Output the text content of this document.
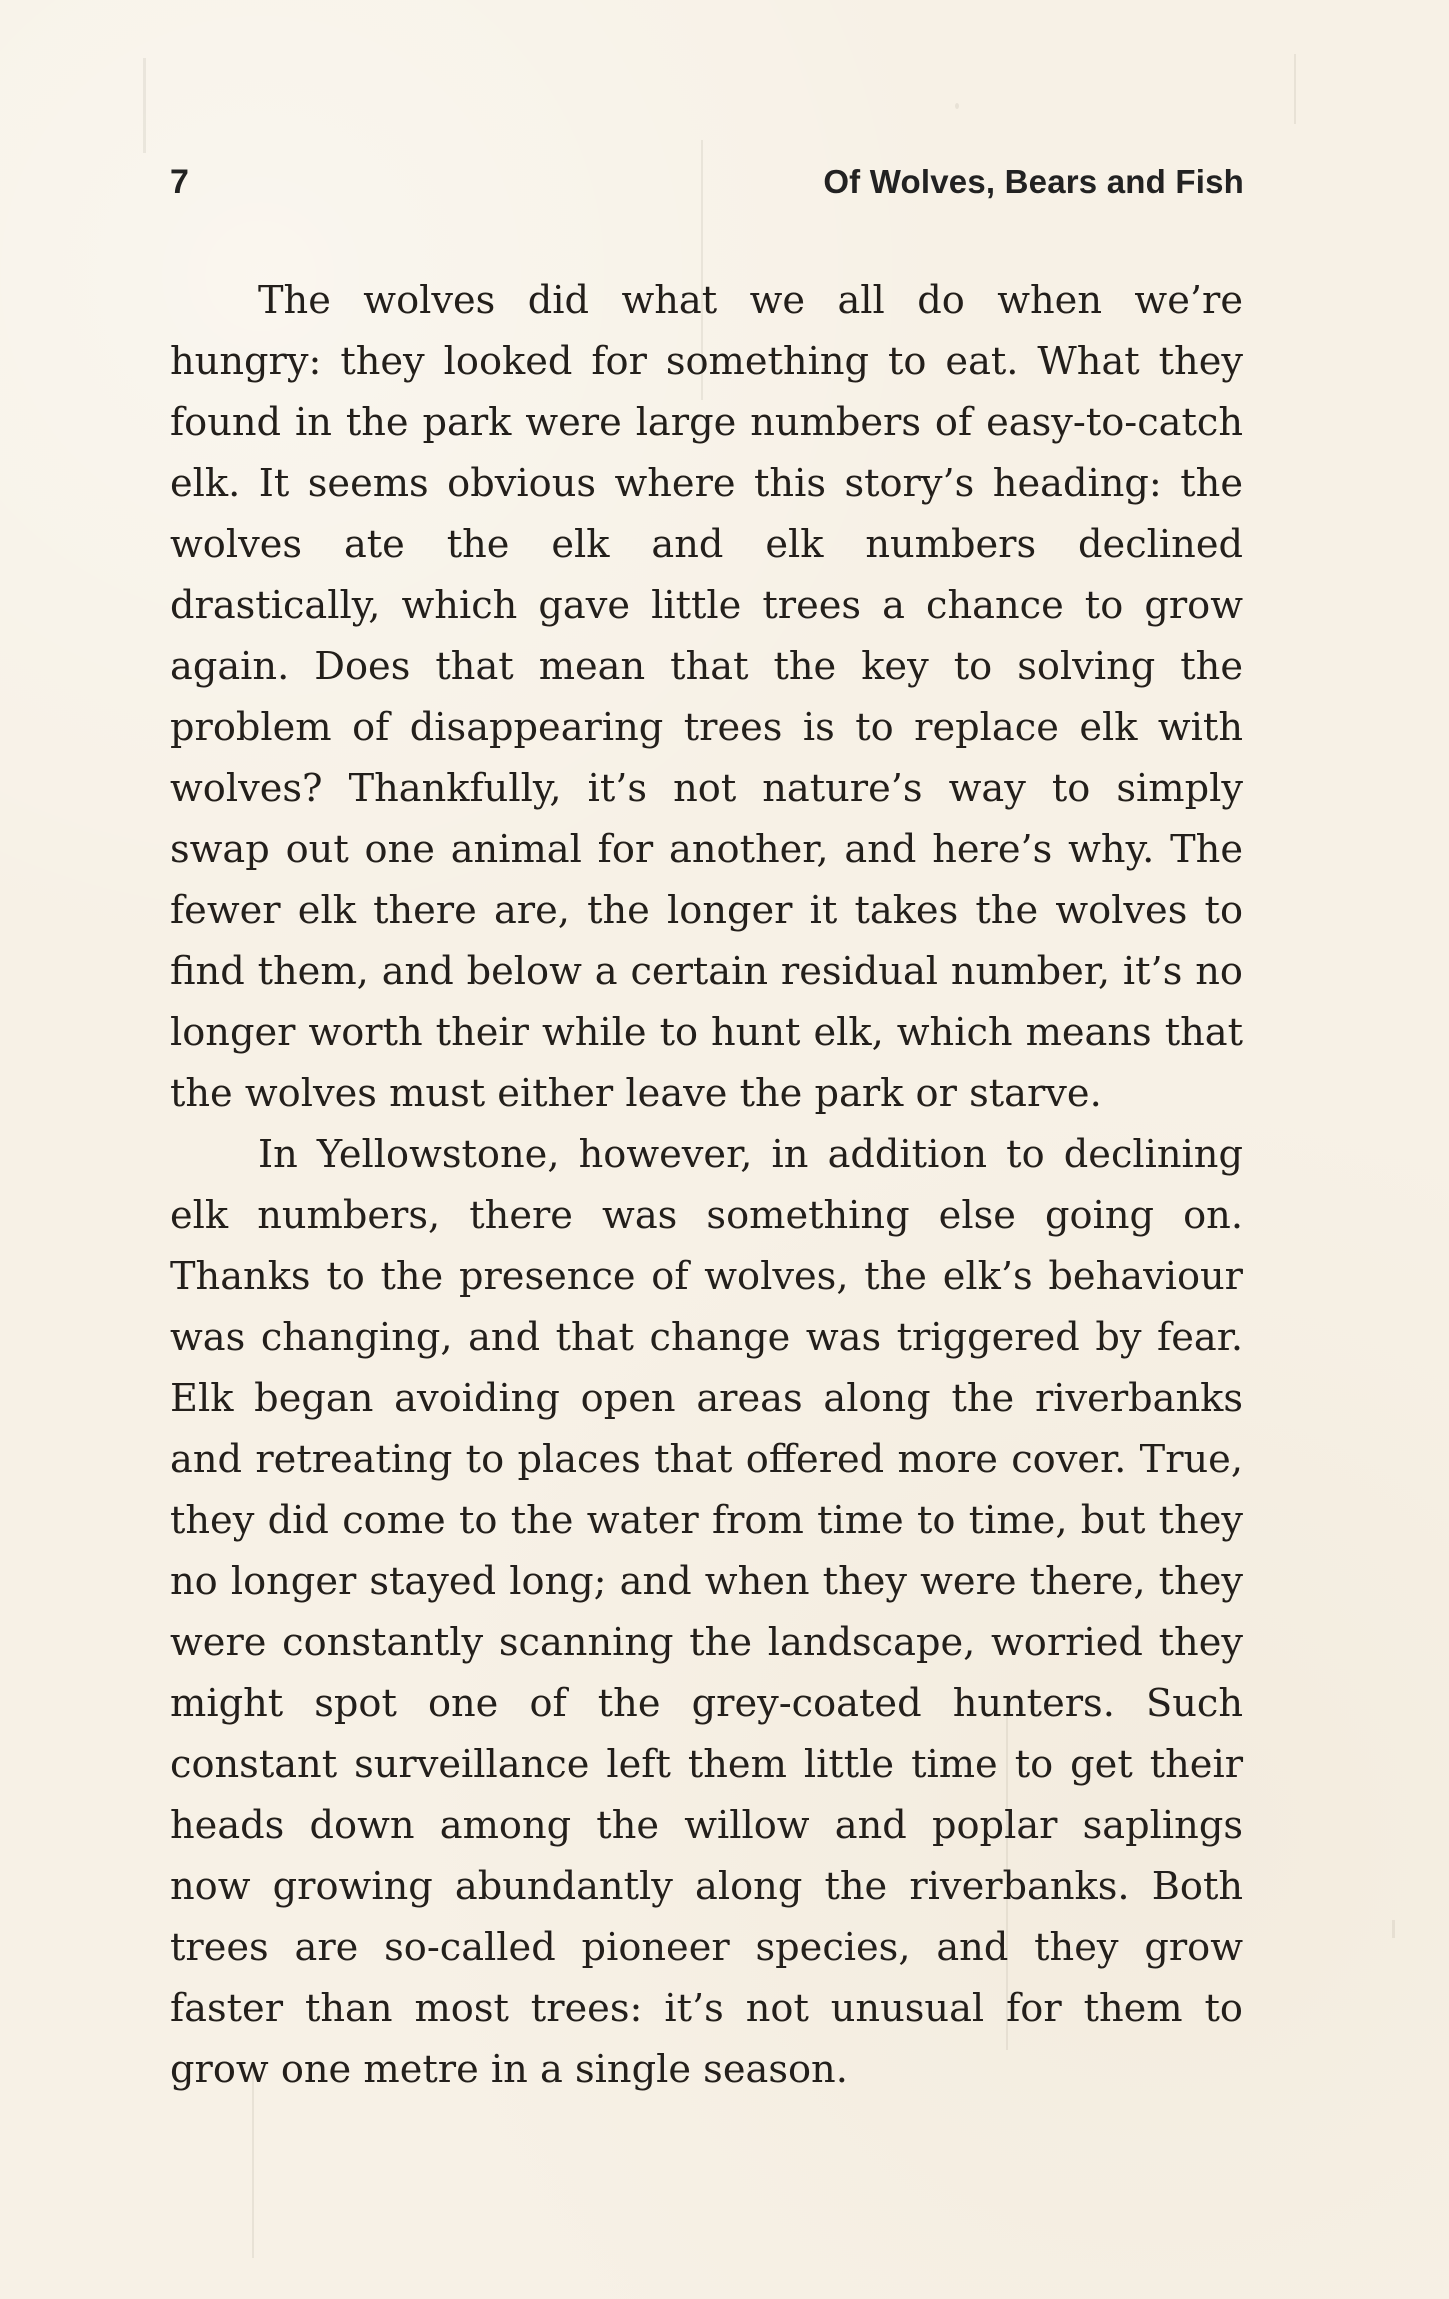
7	Of Wolves, Bears and Fish

The wolves did what we all do when we’re hungry: they looked for something to eat. What they found in the park were large numbers of easy-to-catch elk. It seems obvious where this story’s heading: the wolves ate the elk and elk numbers declined drastically, which gave little trees a chance to grow again. Does that mean that the key to solving the problem of disappearing trees is to replace elk with wolves? Thankfully, it’s not nature’s way to simply swap out one animal for another, and here’s why. The fewer elk there are, the longer it takes the wolves to find them, and below a certain residual number, it’s no longer worth their while to hunt elk, which means that the wolves must either leave the park or starve.

In Yellowstone, however, in addition to declining elk numbers, there was something else going on. Thanks to the presence of wolves, the elk’s behaviour was changing, and that change was triggered by fear. Elk began avoiding open areas along the riverbanks and retreating to places that offered more cover. True, they did come to the water from time to time, but they no longer stayed long; and when they were there, they were constantly scanning the landscape, worried they might spot one of the grey-coated hunters. Such constant surveillance left them little time to get their heads down among the willow and poplar saplings now growing abundantly along the riverbanks. Both trees are so-called pioneer species, and they grow faster than most trees: it’s not unusual for them to grow one metre in a single season.
